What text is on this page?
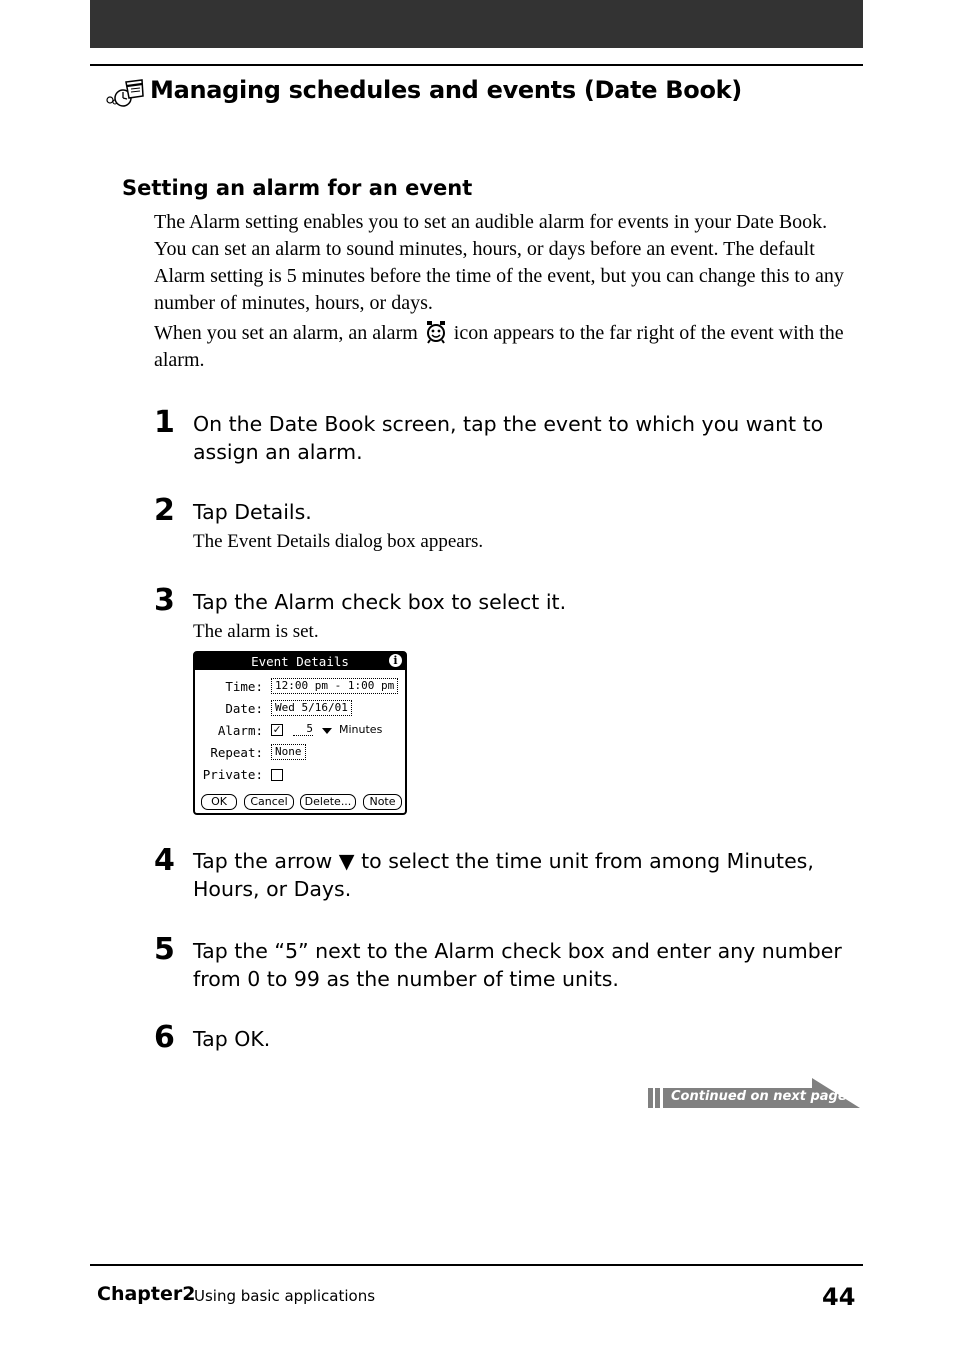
Managing schedules and events (Date Book)
Setting an alarm for an event
The Alarm setting enables you to set an audible alarm for events in your Date Book. You can set an alarm to sound minutes, hours, or days before an event. The default Alarm setting is 5 minutes before the time of the event, but you can change this to any number of minutes, hours, or days.
When you set an alarm, an alarm icon appears to the far right of the event with the alarm.
1 On the Date Book screen, tap the event to which you want to assign an alarm.
2 Tap Details.
The Event Details dialog box appears.
3 Tap the Alarm check box to select it.
The alarm is set.
Event Details	i
Time:	12:00 pm - 1:00 pm
Date:	Wed 5/16/01
Alarm: ✓	5 Minutes
Repeat:	None
Private:
OK	Cancel	Delete...	Note
4 Tap the arrow ▼ to select the time unit from among Minutes, Hours, or Days.
5 Tap the “5” next to the Alarm check box and enter any number from 0 to 99 as the number of time units.
6 Tap OK.
Continued on next page
Chapter2
Using basic applications	44
